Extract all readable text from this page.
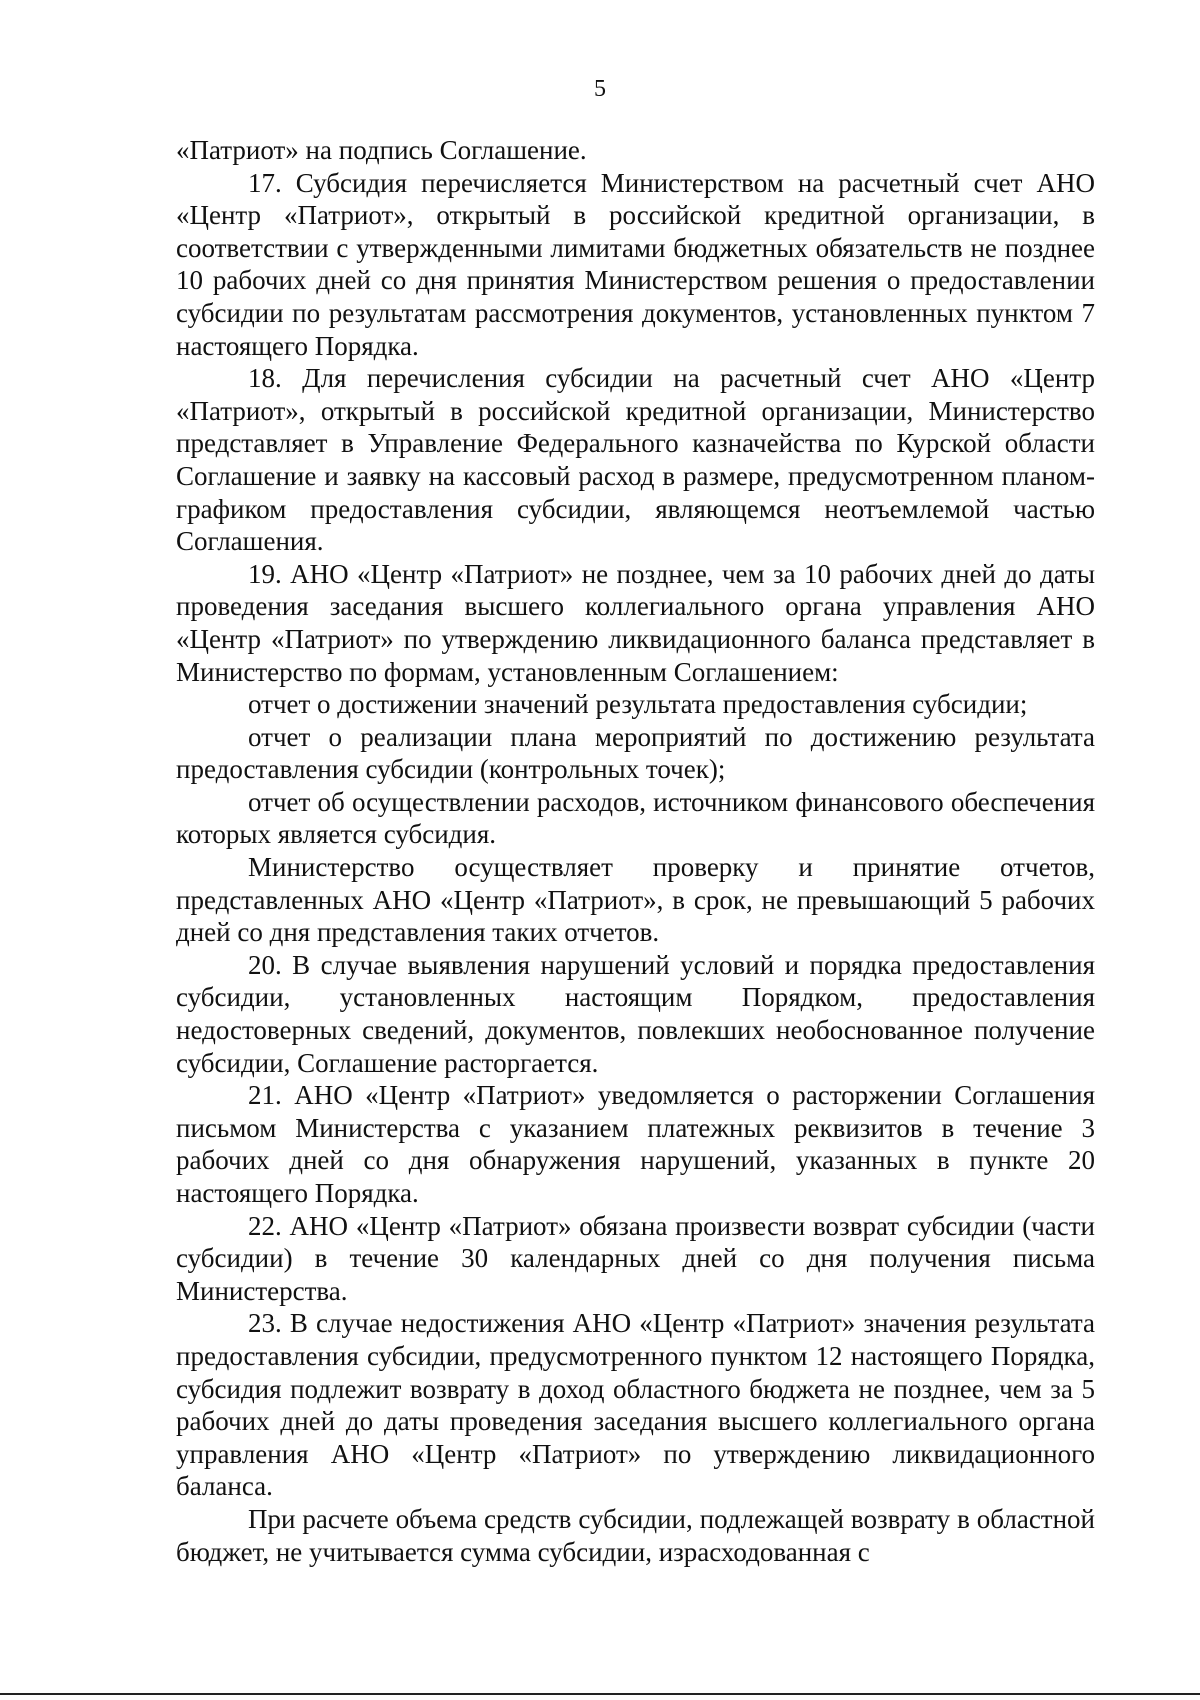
5

«Патриот» на подпись Соглашение.

17. Субсидия перечисляется Министерством на расчетный счет АНО «Центр «Патриот», открытый в российской кредитной организации, в соответствии с утвержденными лимитами бюджетных обязательств не позднее 10 рабочих дней со дня принятия Министерством решения о предоставлении субсидии по результатам рассмотрения документов, установленных пунктом 7 настоящего Порядка.

18. Для перечисления субсидии на расчетный счет АНО «Центр «Патриот», открытый в российской кредитной организации, Министерство представляет в Управление Федерального казначейства по Курской области Соглашение и заявку на кассовый расход в размере, предусмотренном планом-графиком предоставления субсидии, являющемся неотъемлемой частью Соглашения.

19. АНО «Центр «Патриот» не позднее, чем за 10 рабочих дней до даты проведения заседания высшего коллегиального органа управления АНО «Центр «Патриот» по утверждению ликвидационного баланса представляет в Министерство по формам, установленным Соглашением:

отчет о достижении значений результата предоставления субсидии;

отчет о реализации плана мероприятий по достижению результата предоставления субсидии (контрольных точек);

отчет об осуществлении расходов, источником финансового обеспечения которых является субсидия.

Министерство осуществляет проверку и принятие отчетов, представленных АНО «Центр «Патриот», в срок, не превышающий 5 рабочих дней со дня представления таких отчетов.

20. В случае выявления нарушений условий и порядка предоставления субсидии, установленных настоящим Порядком, предоставления недостоверных сведений, документов, повлекших необоснованное получение субсидии, Соглашение расторгается.

21. АНО «Центр «Патриот» уведомляется о расторжении Соглашения письмом Министерства с указанием платежных реквизитов в течение 3 рабочих дней со дня обнаружения нарушений, указанных в пункте 20 настоящего Порядка.

22. АНО «Центр «Патриот» обязана произвести возврат субсидии (части субсидии) в течение 30 календарных дней со дня получения письма Министерства.

23. В случае недостижения АНО «Центр «Патриот» значения результата предоставления субсидии, предусмотренного пунктом 12 настоящего Порядка, субсидия подлежит возврату в доход областного бюджета не позднее, чем за 5 рабочих дней до даты проведения заседания высшего коллегиального органа управления АНО «Центр «Патриот» по утверждению ликвидационного баланса.

При расчете объема средств субсидии, подлежащей возврату в областной бюджет, не учитывается сумма субсидии, израсходованная с
